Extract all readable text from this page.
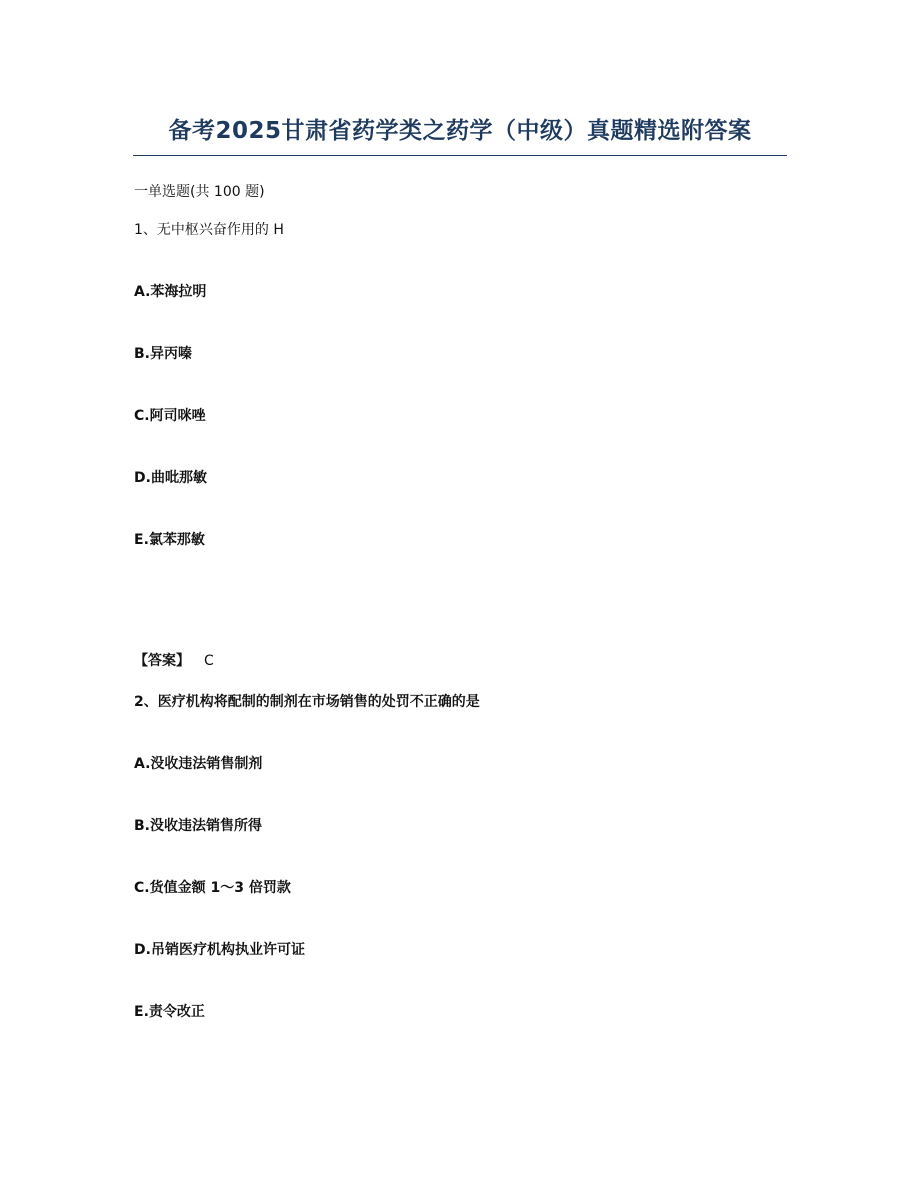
备考2025甘肃省药学类之药学（中级）真题精选附答案
一单选题(共 100 题)
1、无中枢兴奋作用的 H
A.苯海拉明
B.异丙嗪
C.阿司咪唑
D.曲吡那敏
E.氯苯那敏
【答案】 C
2、医疗机构将配制的制剂在市场销售的处罚不正确的是
A.没收违法销售制剂
B.没收违法销售所得
C.货值金额 1～3 倍罚款
D.吊销医疗机构执业许可证
E.责令改正
